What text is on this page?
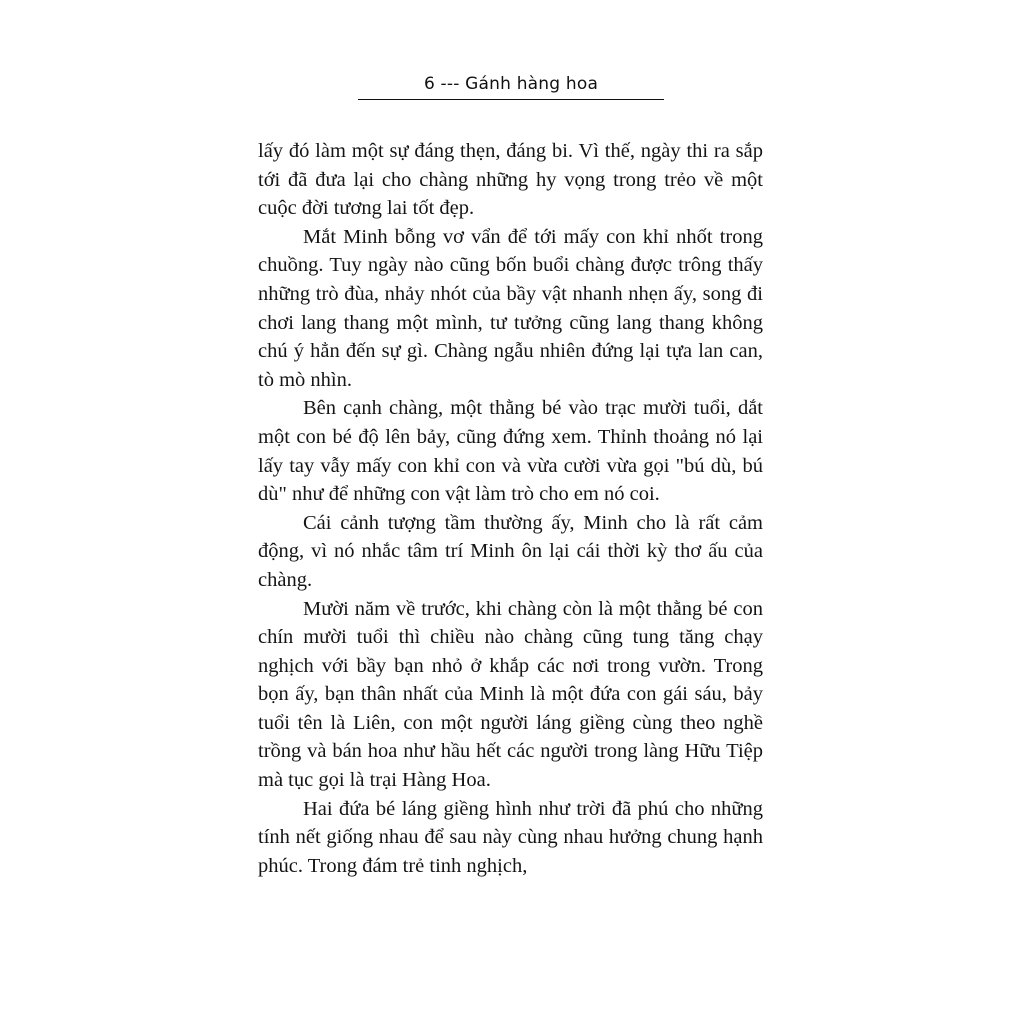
6 --- Gánh hàng hoa

lấy đó làm một sự đáng thẹn, đáng bi. Vì thế, ngày thi ra sắp tới đã đưa lại cho chàng những hy vọng trong trẻo về một cuộc đời tương lai tốt đẹp.

Mắt Minh bỗng vơ vẩn để tới mấy con khỉ nhốt trong chuồng. Tuy ngày nào cũng bốn buổi chàng được trông thấy những trò đùa, nhảy nhót của bầy vật nhanh nhẹn ấy, song đi chơi lang thang một mình, tư tưởng cũng lang thang không chú ý hẳn đến sự gì. Chàng ngẫu nhiên đứng lại tựa lan can, tò mò nhìn.

Bên cạnh chàng, một thằng bé vào trạc mười tuổi, dắt một con bé độ lên bảy, cũng đứng xem. Thỉnh thoảng nó lại lấy tay vẫy mấy con khỉ con và vừa cười vừa gọi "bú dù, bú dù" như để những con vật làm trò cho em nó coi.

Cái cảnh tượng tầm thường ấy, Minh cho là rất cảm động, vì nó nhắc tâm trí Minh ôn lại cái thời kỳ thơ ấu của chàng.

Mười năm về trước, khi chàng còn là một thằng bé con chín mười tuổi thì chiều nào chàng cũng tung tăng chạy nghịch với bầy bạn nhỏ ở khắp các nơi trong vườn. Trong bọn ấy, bạn thân nhất của Minh là một đứa con gái sáu, bảy tuổi tên là Liên, con một người láng giềng cùng theo nghề trồng và bán hoa như hầu hết các người trong làng Hữu Tiệp mà tục gọi là trại Hàng Hoa.

Hai đứa bé láng giềng hình như trời đã phú cho những tính nết giống nhau để sau này cùng nhau hưởng chung hạnh phúc. Trong đám trẻ tinh nghịch,
